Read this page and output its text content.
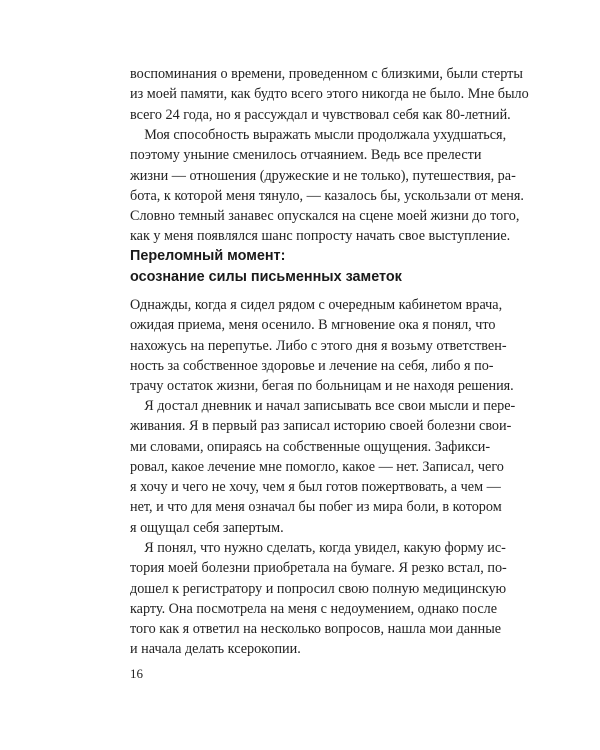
воспоминания о времени, проведенном с близкими, были стерты
из моей памяти, как будто всего этого никогда не было. Мне было
всего 24 года, но я рассуждал и чувствовал себя как 80-летний.
Моя способность выражать мысли продолжала ухудшаться,
поэтому уныние сменилось отчаянием. Ведь все прелести
жизни — отношения (дружеские и не только), путешествия, ра-
бота, к которой меня тянуло, — казалось бы, ускользали от меня.
Словно темный занавес опускался на сцене моей жизни до того,
как у меня появлялся шанс попросту начать свое выступление.
Переломный момент:
осознание силы письменных заметок
Однажды, когда я сидел рядом с очередным кабинетом врача,
ожидая приема, меня осенило. В мгновение ока я понял, что
нахожусь на перепутье. Либо с этого дня я возьму ответствен-
ность за собственное здоровье и лечение на себя, либо я по-
трачу остаток жизни, бегая по больницам и не находя решения.
Я достал дневник и начал записывать все свои мысли и пере-
живания. Я в первый раз записал историю своей болезни свои-
ми словами, опираясь на собственные ощущения. Зафикси-
ровал, какое лечение мне помогло, какое — нет. Записал, чего
я хочу и чего не хочу, чем я был готов пожертвовать, а чем —
нет, и что для меня означал бы побег из мира боли, в котором
я ощущал себя запертым.
Я понял, что нужно сделать, когда увидел, какую форму ис-
тория моей болезни приобретала на бумаге. Я резко встал, по-
дошел к регистратору и попросил свою полную медицинскую
карту. Она посмотрела на меня с недоумением, однако после
того как я ответил на несколько вопросов, нашла мои данные
и начала делать ксерокопии.
16
